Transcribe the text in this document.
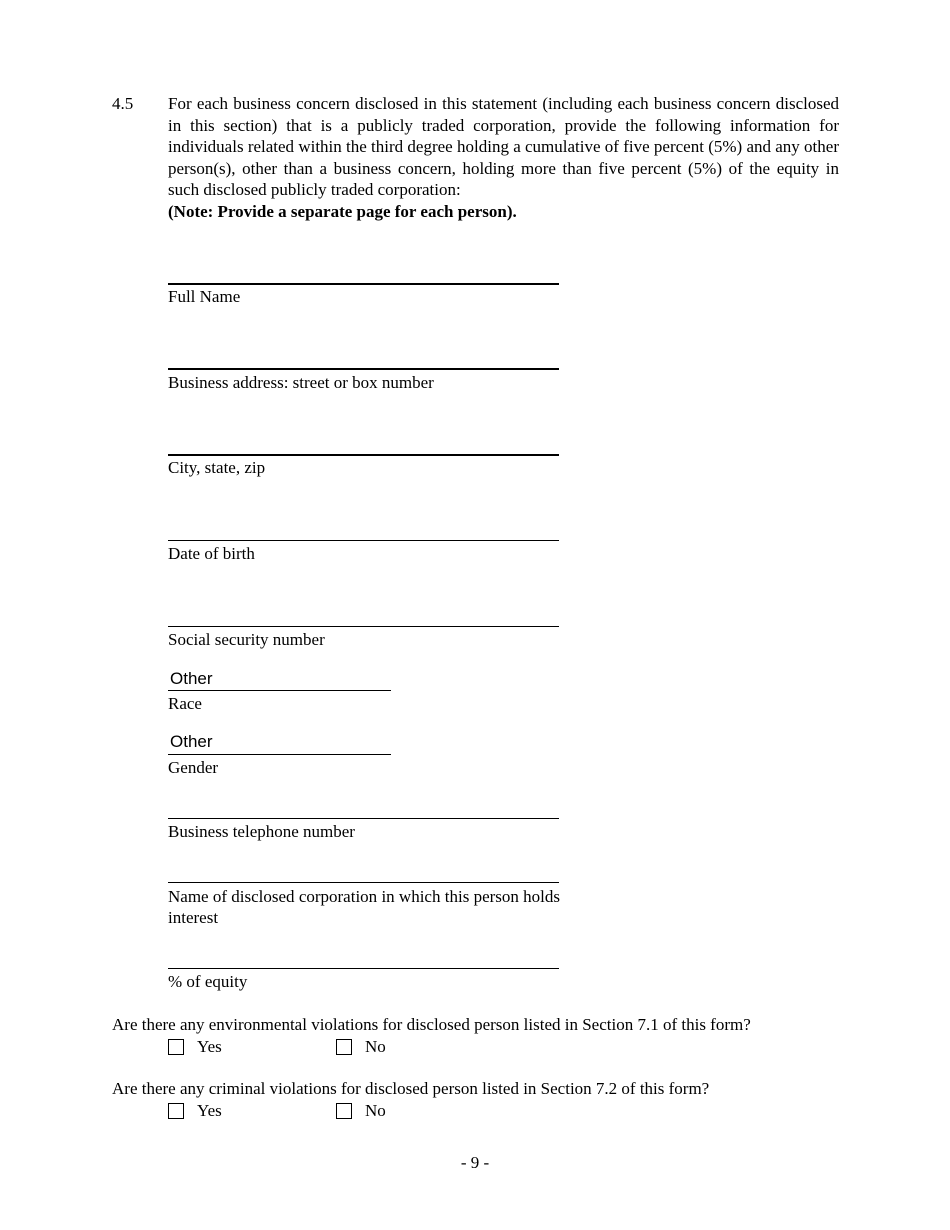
4.5 For each business concern disclosed in this statement (including each business concern disclosed in this section) that is a publicly traded corporation, provide the following information for individuals related within the third degree holding a cumulative of five percent (5%) and any other person(s), other than a business concern, holding more than five percent (5%) of the equity in such disclosed publicly traded corporation:
(Note: Provide a separate page for each person).
Full Name
Business address: street or box number
City, state, zip
Date of birth
Social security number
Other
Race
Other
Gender
Business telephone number
Name of disclosed corporation in which this person holds interest
% of equity
Are there any environmental violations for disclosed person listed in Section 7.1 of this form?
Yes	No
Are there any criminal violations for disclosed person listed in Section 7.2 of this form?
Yes	No
- 9 -
